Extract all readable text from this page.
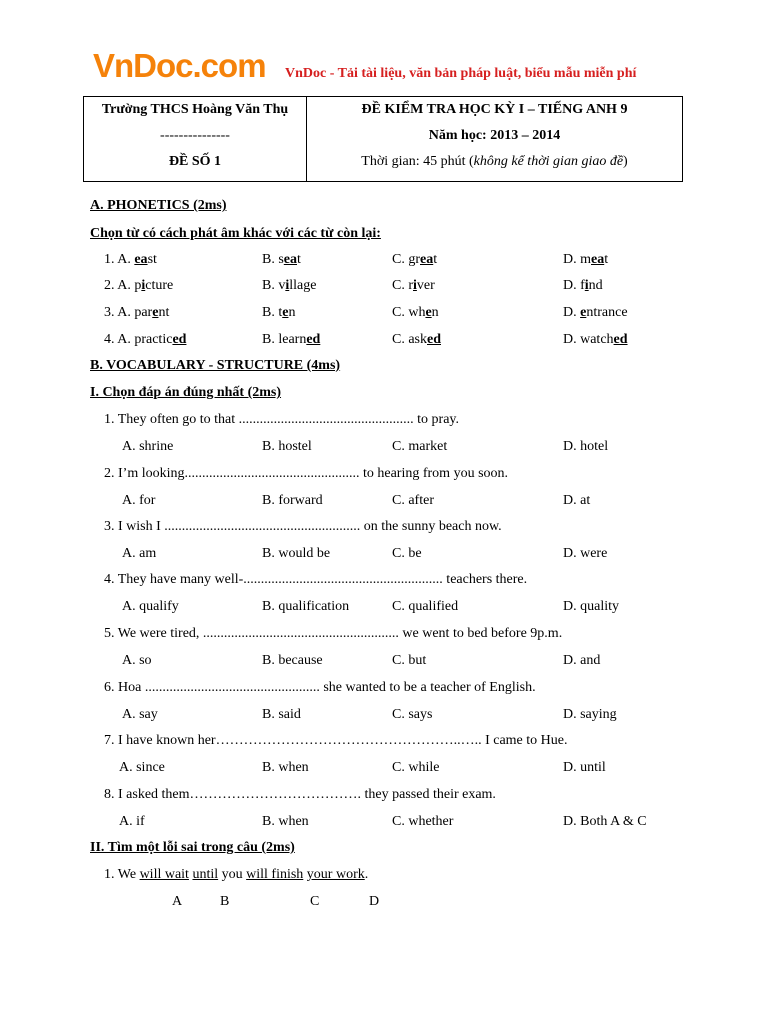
VnDoc.com VnDoc - Tải tài liệu, văn bản pháp luật, biểu mẫu miễn phí
Trường THCS Hoàng Văn Thụ
---------------
ĐỀ SỐ 1
ĐỀ KIỂM TRA HỌC KỲ I – TIẾNG ANH 9
Năm học: 2013 – 2014
Thời gian: 45 phút (không kể thời gian giao đề)
A. PHONETICS (2ms)
Chọn từ có cách phát âm khác với các từ còn lại:
1. A. east	B. seat	C. great	D. meat
2. A. picture	B. village	C. river	D. find
3. A. parent	B. ten	C. when	D. entrance
4. A. practiced	B. learned	C. asked	D. watched
B. VOCABULARY - STRUCTURE (4ms)
I. Chọn đáp án đúng nhất (2ms)
1. They often go to that .................................................. to pray.
A. shrine	B. hostel	C. market	D. hotel
2. I’m looking.................................................. to hearing from you soon.
A. for	B. forward	C. after	D. at
3. I wish I ........................................................ on the sunny beach now.
A. am	B. would be	C. be	D. were
4. They have many well-......................................................... teachers there.
A. qualify	B. qualification	C. qualified	D. quality
5. We were tired, ........................................................ we went to bed before 9p.m.
A. so	B. because	C. but	D. and
6. Hoa .................................................. she wanted to be a teacher of English.
A. say	B. said	C. says	D. saying
7. I have known her……………………………………………..….. I came to Hue.
A. since	B. when	C. while	D. until
8. I asked them………………………………. they passed their exam.
A. if	B. when	C. whether	D. Both A & C
II. Tìm một lỗi sai trong câu (2ms)
1. We will wait until you will finish your work.
A	B	C	D
